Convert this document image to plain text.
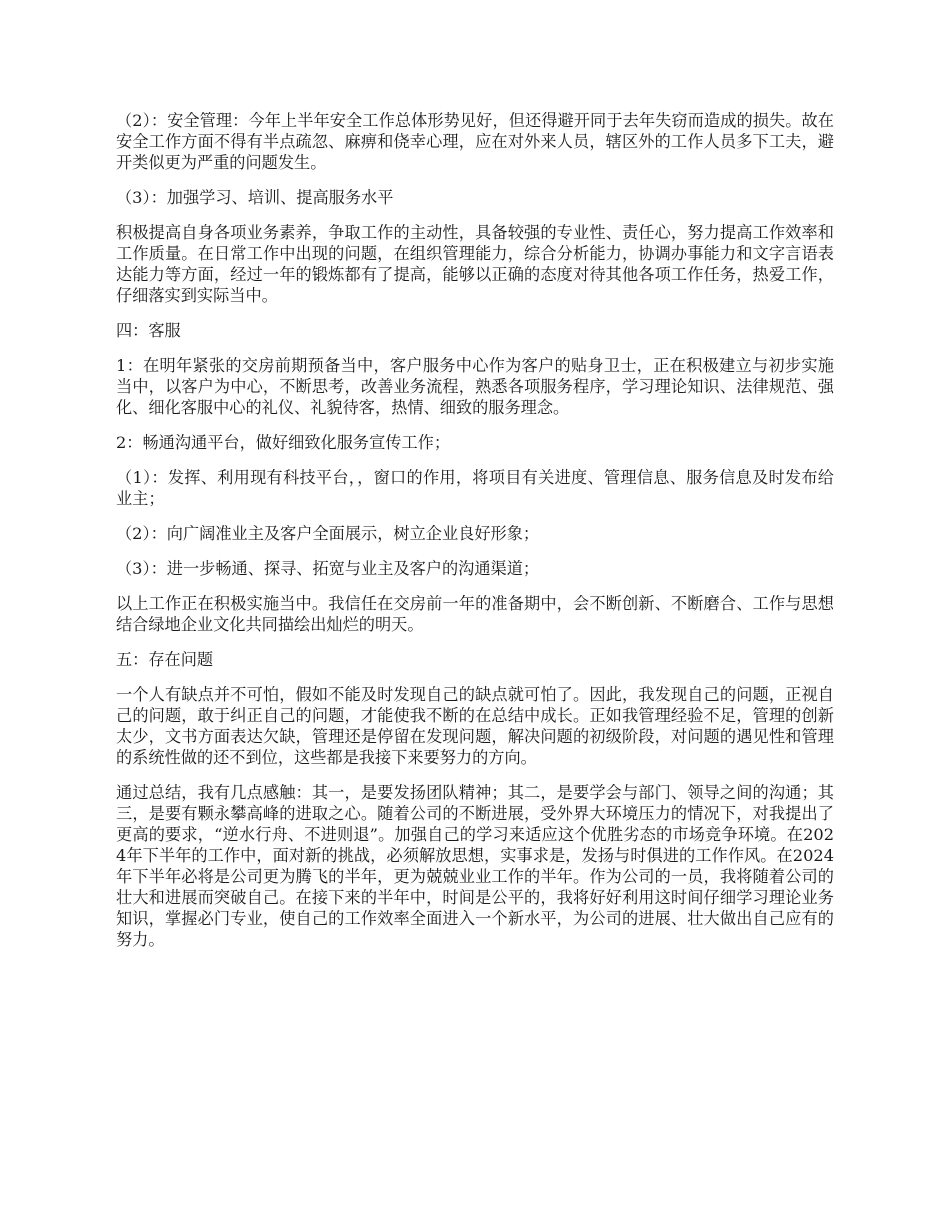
（2）：安全管理：今年上半年安全工作总体形势见好，但还得避开同于去年失窃而造成的损失。故在安全工作方面不得有半点疏忽、麻痹和侥幸心理，应在对外来人员，辖区外的工作人员多下工夫，避开类似更为严重的问题发生。

（3）：加强学习、培训、提高服务水平

积极提高自身各项业务素养，争取工作的主动性，具备较强的专业性、责任心，努力提高工作效率和工作质量。在日常工作中出现的问题，在组织管理能力，综合分析能力，协调办事能力和文字言语表达能力等方面，经过一年的锻炼都有了提高，能够以正确的态度对待其他各项工作任务，热爱工作，仔细落实到实际当中。

四：客服

1：在明年紧张的交房前期预备当中，客户服务中心作为客户的贴身卫士，正在积极建立与初步实施当中，以客户为中心，不断思考，改善业务流程，熟悉各项服务程序，学习理论知识、法律规范、强化、细化客服中心的礼仪、礼貌待客，热情、细致的服务理念。

2：畅通沟通平台，做好细致化服务宣传工作；

（1）：发挥、利用现有科技平台，，窗口的作用，将项目有关进度、管理信息、服务信息及时发布给业主；

（2）：向广阔准业主及客户全面展示，树立企业良好形象；

（3）：进一步畅通、探寻、拓宽与业主及客户的沟通渠道；

以上工作正在积极实施当中。我信任在交房前一年的准备期中，会不断创新、不断磨合、工作与思想结合绿地企业文化共同描绘出灿烂的明天。

五：存在问题

一个人有缺点并不可怕，假如不能及时发现自己的缺点就可怕了。因此，我发现自己的问题，正视自己的问题，敢于纠正自己的问题，才能使我不断的在总结中成长。正如我管理经验不足，管理的创新太少，文书方面表达欠缺，管理还是停留在发现问题，解决问题的初级阶段，对问题的遇见性和管理的系统性做的还不到位，这些都是我接下来要努力的方向。

通过总结，我有几点感触：其一，是要发扬团队精神；其二，是要学会与部门、领导之间的沟通；其三，是要有颗永攀高峰的进取之心。随着公司的不断进展，受外界大环境压力的情况下，对我提出了更高的要求，“逆水行舟、不进则退”。加强自己的学习来适应这个优胜劣态的市场竞争环境。在2024年下半年的工作中，面对新的挑战，必须解放思想，实事求是，发扬与时俱进的工作作风。在2024年下半年必将是公司更为腾飞的半年，更为兢兢业业工作的半年。作为公司的一员，我将随着公司的壮大和进展而突破自己。在接下来的半年中，时间是公平的，我将好好利用这时间仔细学习理论业务知识，掌握必门专业，使自己的工作效率全面进入一个新水平，为公司的进展、壮大做出自己应有的努力。
